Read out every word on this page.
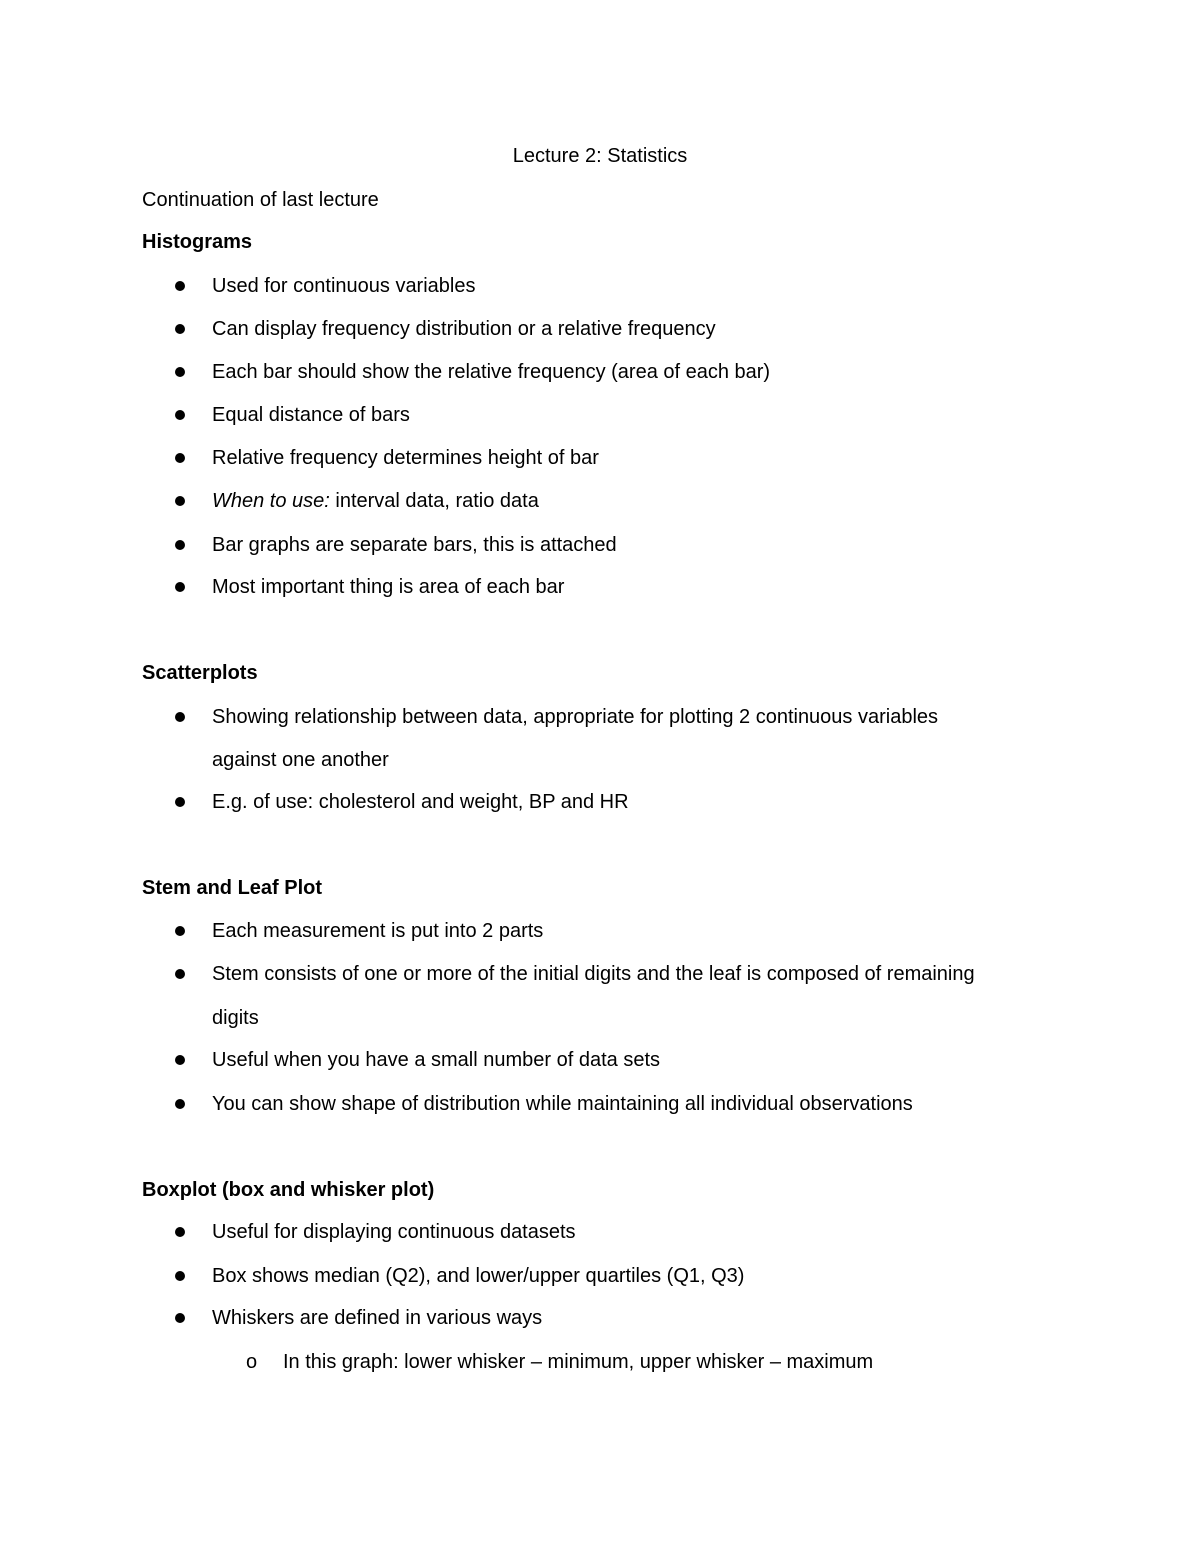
Lecture 2: Statistics
Continuation of last lecture
Histograms
Used for continuous variables
Can display frequency distribution or a relative frequency
Each bar should show the relative frequency (area of each bar)
Equal distance of bars
Relative frequency determines height of bar
When to use: interval data, ratio data
Bar graphs are separate bars, this is attached
Most important thing is area of each bar
Scatterplots
Showing relationship between data, appropriate for plotting 2 continuous variables
against one another
E.g. of use: cholesterol and weight, BP and HR
Stem and Leaf Plot
Each measurement is put into 2 parts
Stem consists of one or more of the initial digits and the leaf is composed of remaining
digits
Useful when you have a small number of data sets
You can show shape of distribution while maintaining all individual observations
Boxplot (box and whisker plot)
Useful for displaying continuous datasets
Box shows median (Q2), and lower/upper quartiles (Q1, Q3)
Whiskers are defined in various ways
o In this graph: lower whisker – minimum, upper whisker – maximum
